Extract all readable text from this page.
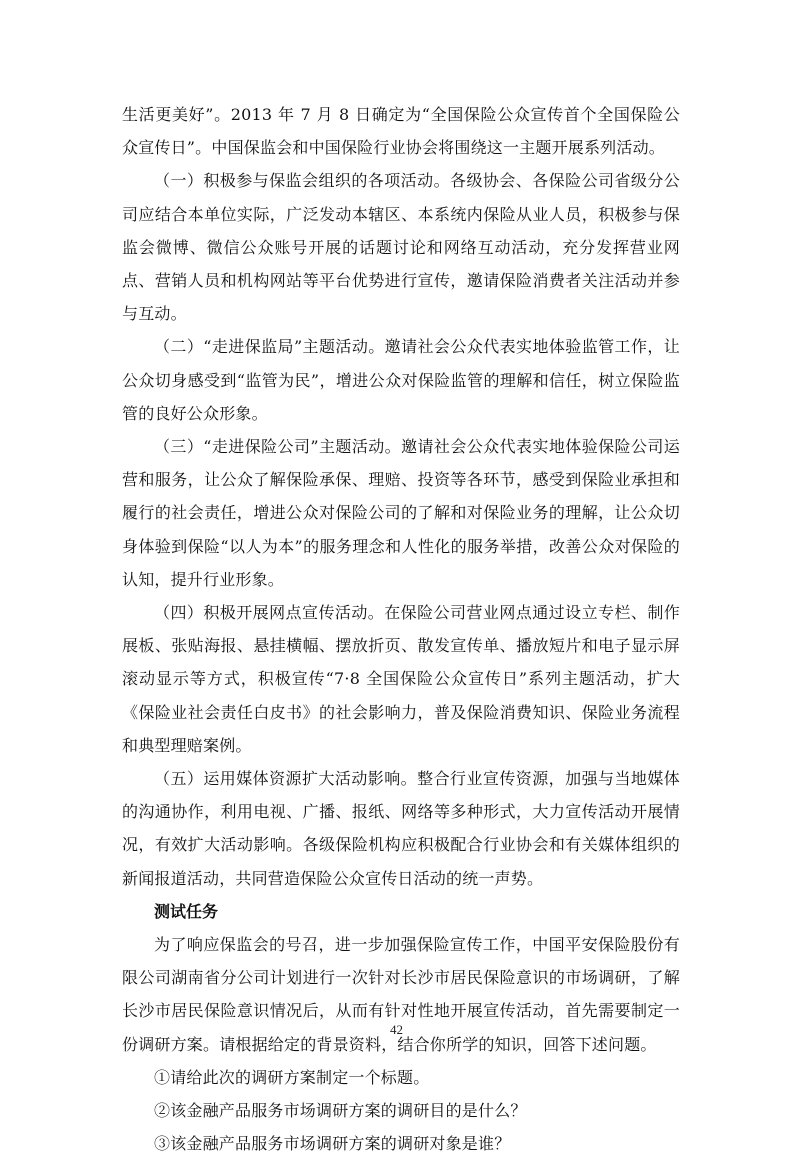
生活更美好”。2013 年 7 月 8 日确定为“全国保险公众宣传首个全国保险公众宣传日”。中国保监会和中国保险行业协会将围绕这一主题开展系列活动。

（一）积极参与保监会组织的各项活动。各级协会、各保险公司省级分公司应结合本单位实际，广泛发动本辖区、本系统内保险从业人员，积极参与保监会微博、微信公众账号开展的话题讨论和网络互动活动，充分发挥营业网点、营销人员和机构网站等平台优势进行宣传，邀请保险消费者关注活动并参与互动。

（二）“走进保监局”主题活动。邀请社会公众代表实地体验监管工作，让公众切身感受到“监管为民”，增进公众对保险监管的理解和信任，树立保险监管的良好公众形象。

（三）“走进保险公司”主题活动。邀请社会公众代表实地体验保险公司运营和服务，让公众了解保险承保、理赔、投资等各环节，感受到保险业承担和履行的社会责任，增进公众对保险公司的了解和对保险业务的理解，让公众切身体验到保险“以人为本”的服务理念和人性化的服务举措，改善公众对保险的认知，提升行业形象。

（四）积极开展网点宣传活动。在保险公司营业网点通过设立专栏、制作展板、张贴海报、悬挂横幅、摆放折页、散发宣传单、播放短片和电子显示屏滚动显示等方式，积极宣传“7·8 全国保险公众宣传日”系列主题活动，扩大《保险业社会责任白皮书》的社会影响力，普及保险消费知识、保险业务流程和典型理赔案例。

（五）运用媒体资源扩大活动影响。整合行业宣传资源，加强与当地媒体的沟通协作，利用电视、广播、报纸、网络等多种形式，大力宣传活动开展情况，有效扩大活动影响。各级保险机构应积极配合行业协会和有关媒体组织的新闻报道活动，共同营造保险公众宣传日活动的统一声势。

测试任务

为了响应保监会的号召，进一步加强保险宣传工作，中国平安保险股份有限公司湖南省分公司计划进行一次针对长沙市居民保险意识的市场调研，了解长沙市居民保险意识情况后，从而有针对性地开展宣传活动，首先需要制定一份调研方案。请根据给定的背景资料，结合你所学的知识，回答下述问题。

①请给此次的调研方案制定一个标题。

②该金融产品服务市场调研方案的调研目的是什么？

③该金融产品服务市场调研方案的调研对象是谁？

42
